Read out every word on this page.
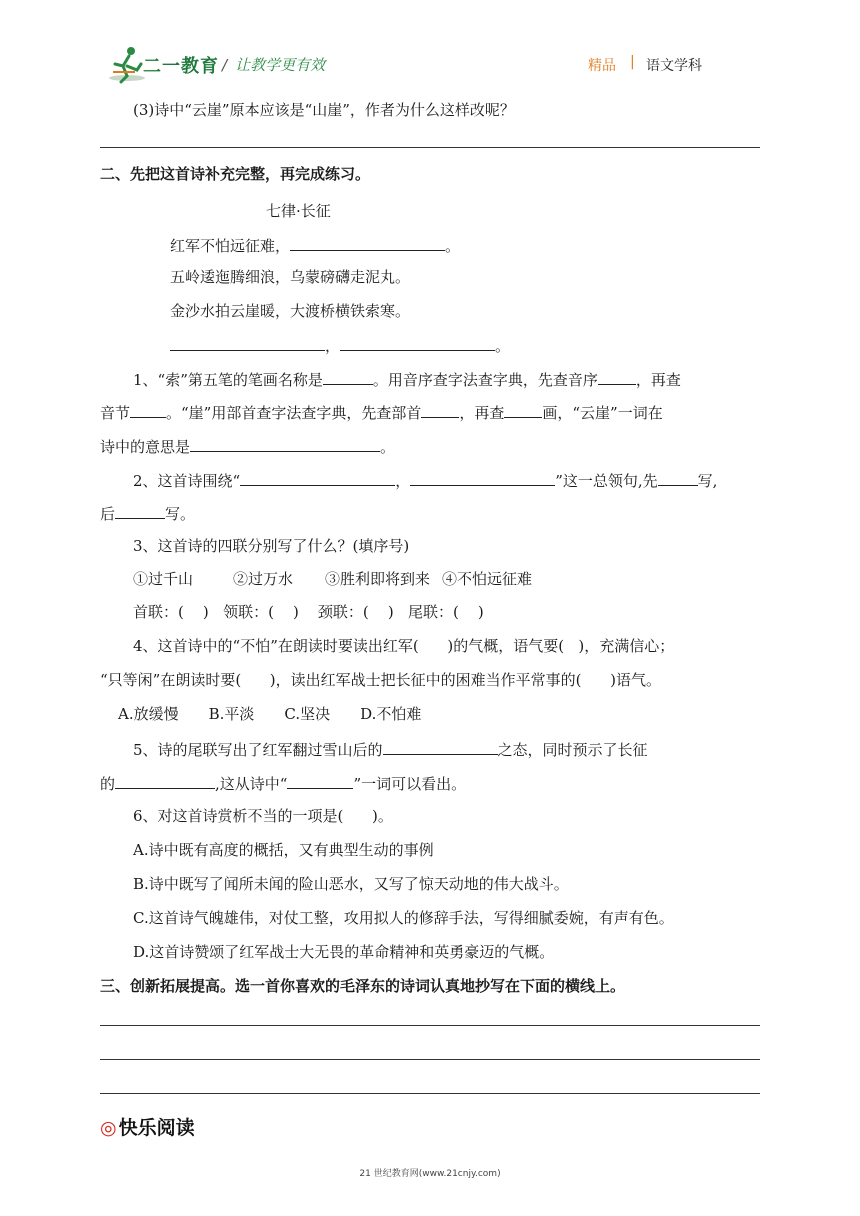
二一教育 / 让教学更有效	精品 | 语文学科
(3)诗中“云崖”原本应该是“山崖”，作者为什么这样改呢？
二、先把这首诗补充完整，再完成练习。
七律·长征
红军不怕远征难，	。
五岭逶迤腾细浪，乌蒙磅礴走泥丸。
金沙水拍云崖暖，大渡桥横铁索寒。
，	。
1、“索”第五笔的笔画名称是	。用音序查字法查字典，先查音序	，再查
音节 。“崖”用部首查字法查字典，先查部首	，再查	画，“云崖”一词在
诗中的意思是	。
2、这首诗围绕“	，	”这一总领句,先	写,
后	写。
3、这首诗的四联分别写了什么？(填序号)
①过千山	②过万水 ③胜利即将到来 ④不怕远征难
首联：(    )   领联：(    )    颈联：(    )   尾联：(    )
4、这首诗中的“不怕”在朗读时要读出红军(      )的气概，语气要(   )，充满信心；
“只等闲”在朗读时要(      )，读出红军战士把长征中的困难当作平常事的(      )语气。
A.放缓慢 B.平淡 C.坚决 D.不怕难
5、诗的尾联写出了红军翻过雪山后的	之态，同时预示了长征
的	,这从诗中“	”一词可以看出。
6、对这首诗赏析不当的一项是(      )。
A.诗中既有高度的概括，又有典型生动的事例
B.诗中既写了闻所未闻的险山恶水，又写了惊天动地的伟大战斗。
C.这首诗气魄雄伟，对仗工整，攻用拟人的修辞手法，写得细腻委婉，有声有色。
D.这首诗赞颂了红军战士大无畏的革命精神和英勇豪迈的气概。
三、创新拓展提高。选一首你喜欢的毛泽东的诗词认真地抄写在下面的横线上。
◎ 快乐阅读
21 世纪教育网(www.21cnjy.com)
